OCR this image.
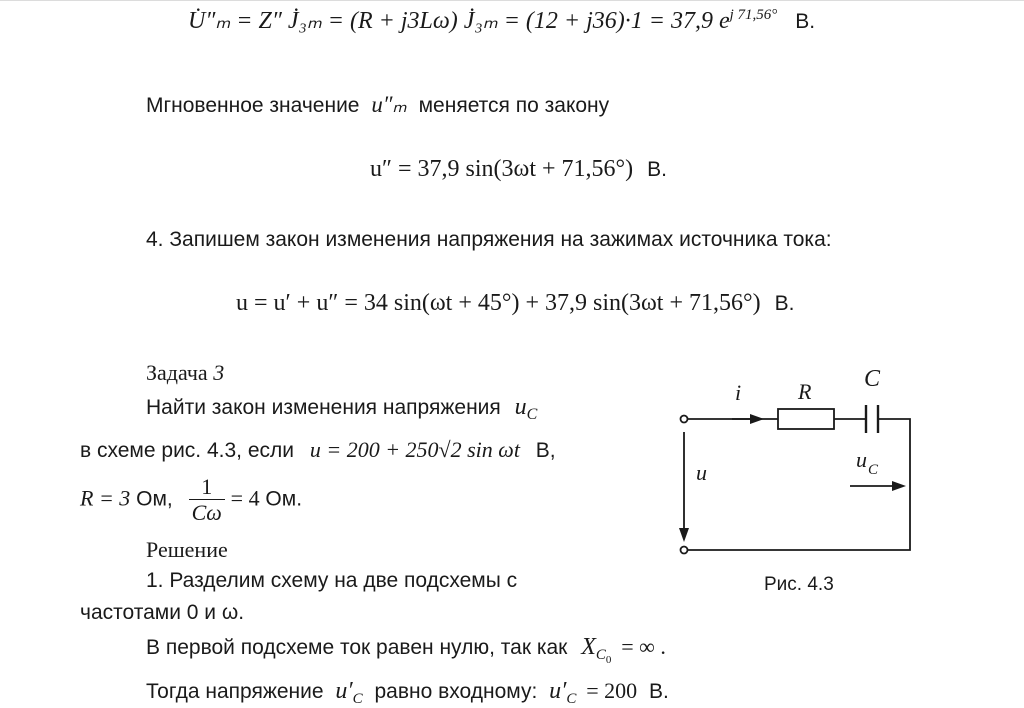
U̇″ₘ = Z″ J̇₃ₘ = (R + j3Lω) J̇₃ₘ = (12 + j36)·1 = 37,9 $e^{j 71,56^\circ}$ В.
Мгновенное значение u″ₘ меняется по закону
u″ = 37,9 sin(3ωt + 71,56°) В.
4. Запишем закон изменения напряжения на зажимах источника тока:
u = u′ + u″ = 34 sin(ωt + 45°) + 37,9 sin(3ωt + 71,56°) В.
Задача 3
Найти закон изменения напряжения $u_C$
в схеме рис. 4.3, если u = 200 + 250√2 sin ωt В,
R = 3 Ом, $\frac{1}{C\omega} = 4$ Ом.
Решение
1. Разделим схему на две подсхемы с
частотами 0 и ω.
В первой подсхеме ток равен нулю, так как $X_{C_0}$ = ∞ .
Тогда напряжение $u'_C$ равно входному: $u'_C = 200$ В.
i	R C
u
u C
Рис. 4.3
